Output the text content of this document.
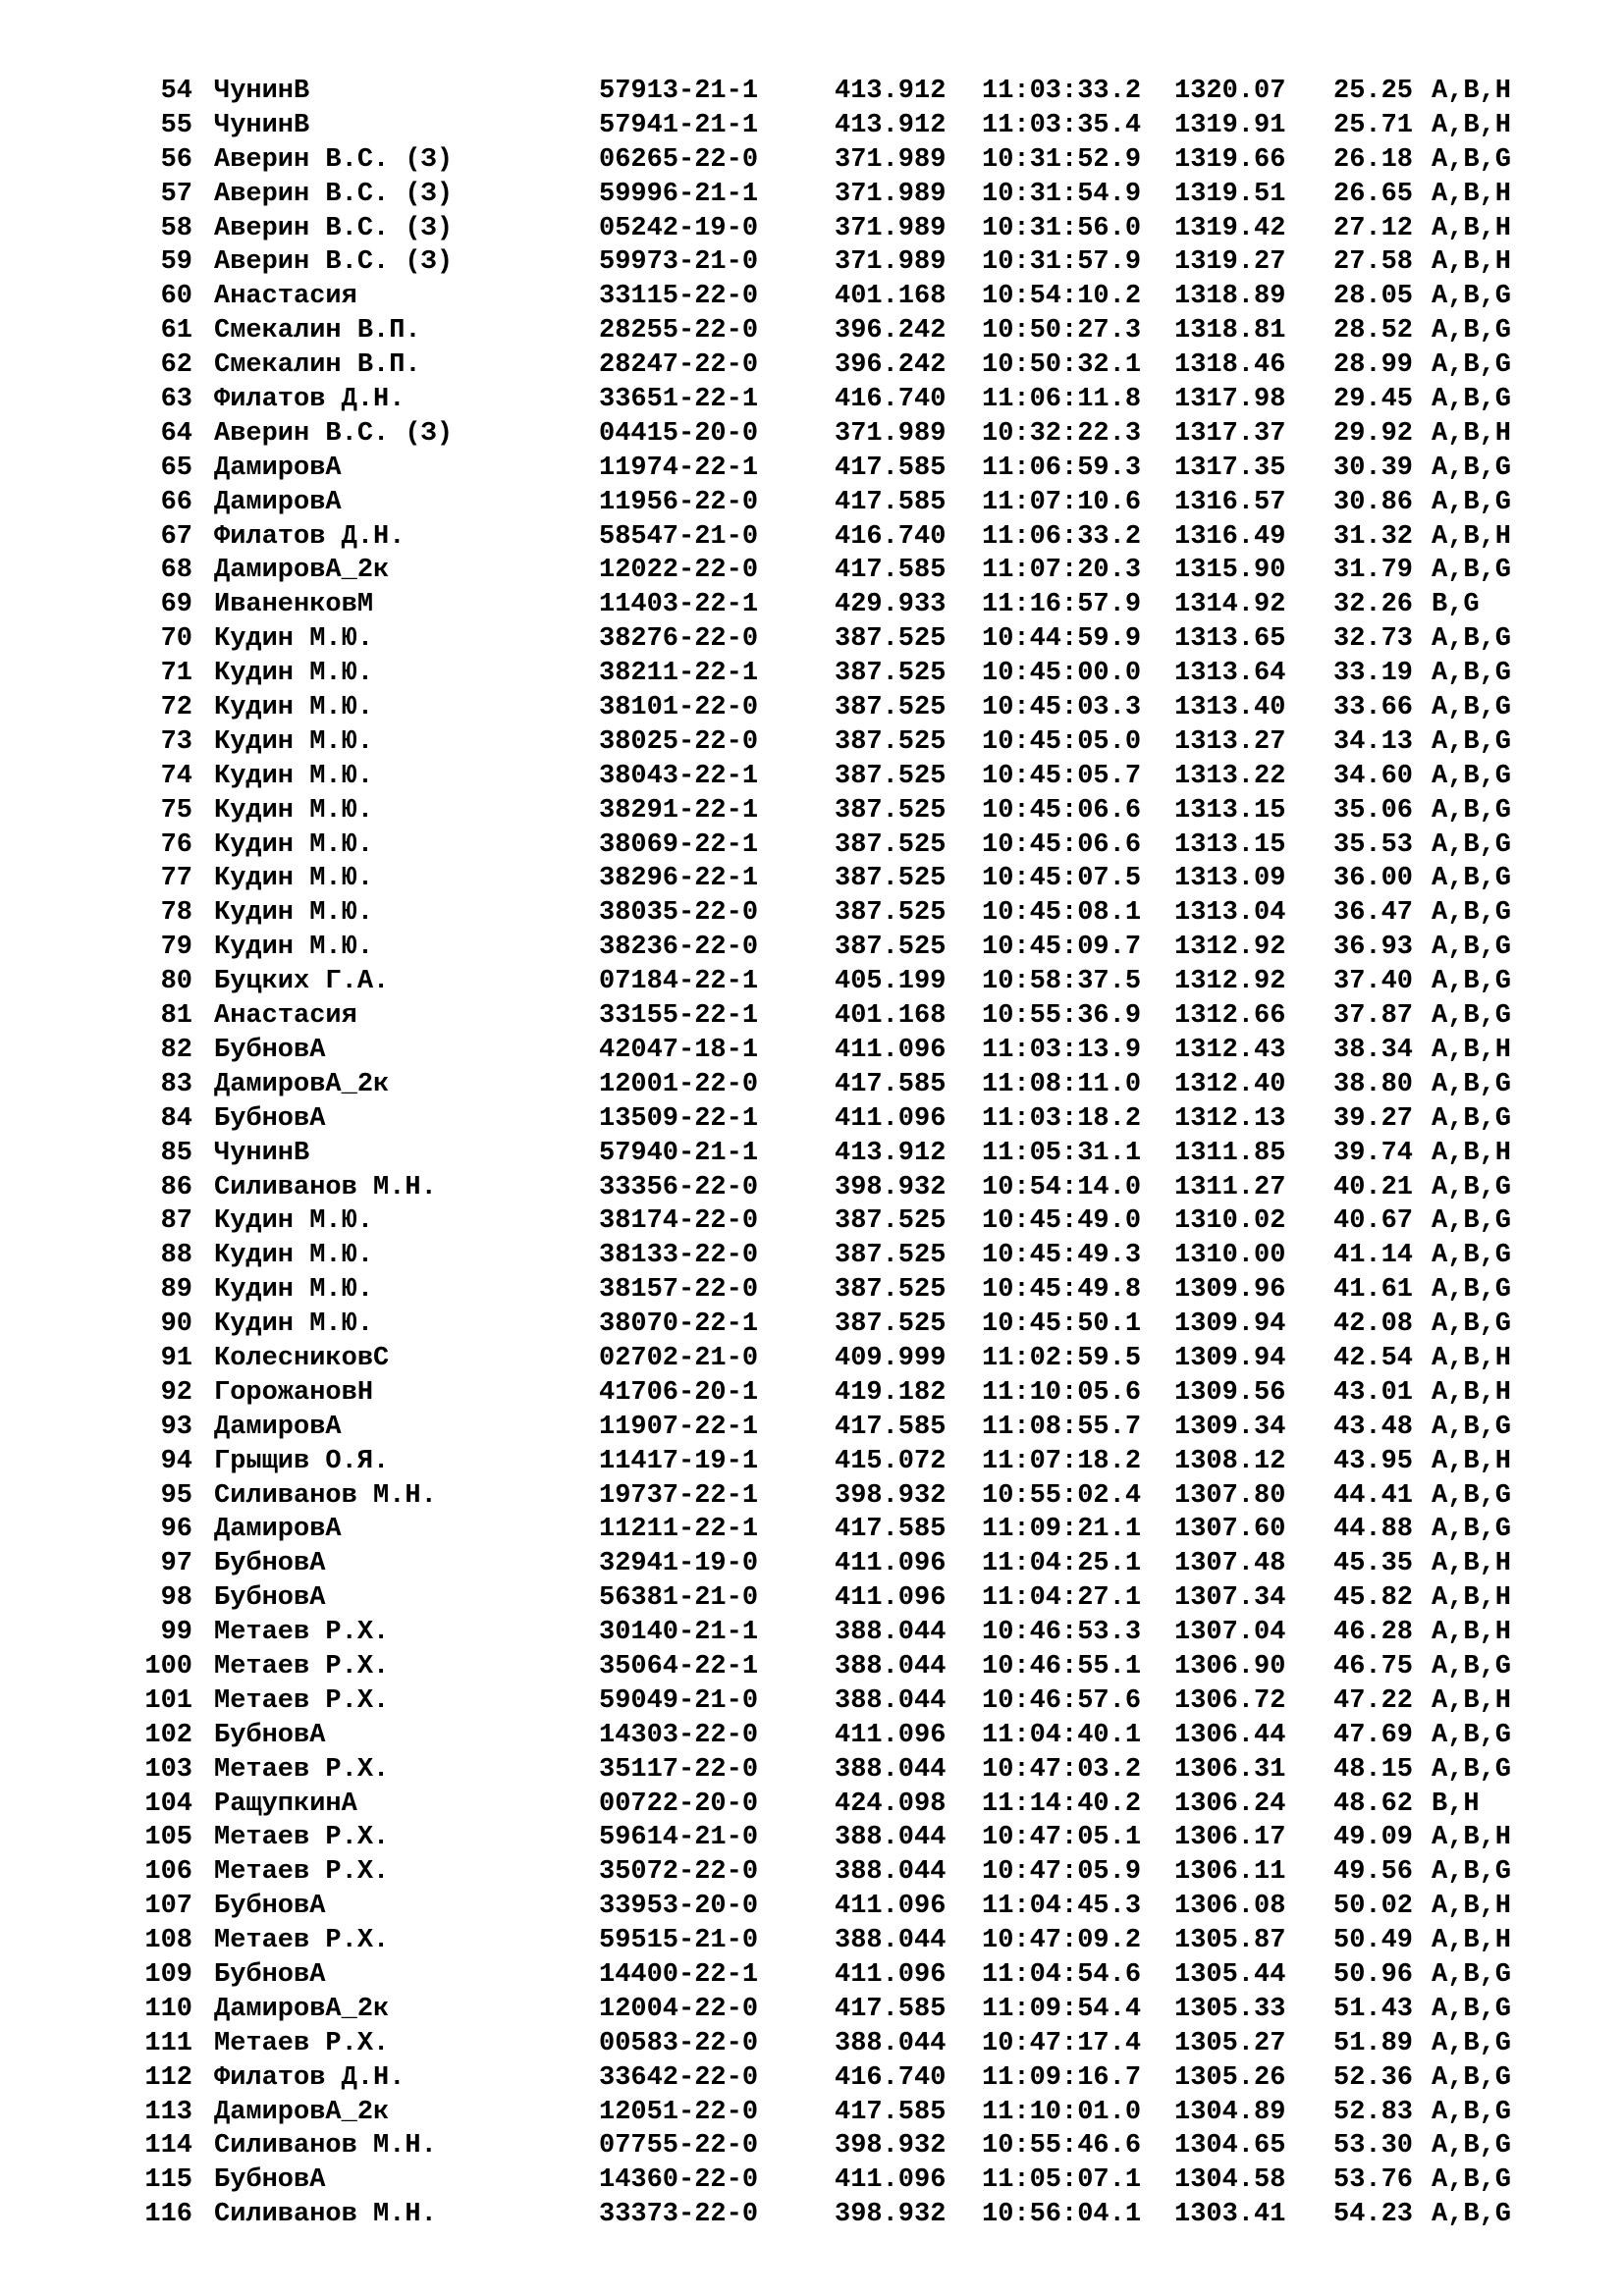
54 ЧунинВ	57913-21-1	413.912 11:03:33.2 1320.07 25.25 A,B,H
55 ЧунинВ	57941-21-1	413.912 11:03:35.4 1319.91 25.71 A,B,H
56 Аверин В.С. (З)	06265-22-0	371.989 10:31:52.9 1319.66 26.18 A,B,G
57 Аверин В.С. (З)	59996-21-1	371.989 10:31:54.9 1319.51 26.65 A,B,H
58 Аверин В.С. (З)	05242-19-0	371.989 10:31:56.0 1319.42 27.12 A,B,H
59 Аверин В.С. (З)	59973-21-0	371.989 10:31:57.9 1319.27 27.58 A,B,H
60 Анастасия	33115-22-0	401.168 10:54:10.2 1318.89 28.05 A,B,G
61 Смекалин В.П.	28255-22-0	396.242 10:50:27.3 1318.81 28.52 A,B,G
62 Смекалин В.П.	28247-22-0	396.242 10:50:32.1 1318.46 28.99 A,B,G
63 Филатов Д.Н.	33651-22-1	416.740 11:06:11.8 1317.98 29.45 A,B,G
64 Аверин В.С. (З)	04415-20-0	371.989 10:32:22.3 1317.37 29.92 A,B,H
65 ДамировА	11974-22-1	417.585 11:06:59.3 1317.35 30.39 A,B,G
66 ДамировА	11956-22-0	417.585 11:07:10.6 1316.57 30.86 A,B,G
67 Филатов Д.Н.	58547-21-0	416.740 11:06:33.2 1316.49 31.32 A,B,H
68 ДамировА_2к	12022-22-0	417.585 11:07:20.3 1315.90 31.79 A,B,G
69 ИваненковМ	11403-22-1	429.933 11:16:57.9 1314.92 32.26 B,G
70 Кудин М.Ю.	38276-22-0	387.525 10:44:59.9 1313.65 32.73 A,B,G
71 Кудин М.Ю.	38211-22-1	387.525 10:45:00.0 1313.64 33.19 A,B,G
72 Кудин М.Ю.	38101-22-0	387.525 10:45:03.3 1313.40 33.66 A,B,G
73 Кудин М.Ю.	38025-22-0	387.525 10:45:05.0 1313.27 34.13 A,B,G
74 Кудин М.Ю.	38043-22-1	387.525 10:45:05.7 1313.22 34.60 A,B,G
75 Кудин М.Ю.	38291-22-1	387.525 10:45:06.6 1313.15 35.06 A,B,G
76 Кудин М.Ю.	38069-22-1	387.525 10:45:06.6 1313.15 35.53 A,B,G
77 Кудин М.Ю.	38296-22-1	387.525 10:45:07.5 1313.09 36.00 A,B,G
78 Кудин М.Ю.	38035-22-0	387.525 10:45:08.1 1313.04 36.47 A,B,G
79 Кудин М.Ю.	38236-22-0	387.525 10:45:09.7 1312.92 36.93 A,B,G
80 Буцких Г.А.	07184-22-1	405.199 10:58:37.5 1312.92 37.40 A,B,G
81 Анастасия	33155-22-1	401.168 10:55:36.9 1312.66 37.87 A,B,G
82 БубновА	42047-18-1	411.096 11:03:13.9 1312.43 38.34 A,B,H
83 ДамировА_2к	12001-22-0	417.585 11:08:11.0 1312.40 38.80 A,B,G
84 БубновА	13509-22-1	411.096 11:03:18.2 1312.13 39.27 A,B,G
85 ЧунинВ	57940-21-1	413.912 11:05:31.1 1311.85 39.74 A,B,H
86 Силиванов М.Н.	33356-22-0	398.932 10:54:14.0 1311.27 40.21 A,B,G
87 Кудин М.Ю.	38174-22-0	387.525 10:45:49.0 1310.02 40.67 A,B,G
88 Кудин М.Ю.	38133-22-0	387.525 10:45:49.3 1310.00 41.14 A,B,G
89 Кудин М.Ю.	38157-22-0	387.525 10:45:49.8 1309.96 41.61 A,B,G
90 Кудин М.Ю.	38070-22-1	387.525 10:45:50.1 1309.94 42.08 A,B,G
91 КолесниковС	02702-21-0	409.999 11:02:59.5 1309.94 42.54 A,B,H
92 ГорожановН	41706-20-1	419.182 11:10:05.6 1309.56 43.01 A,B,H
93 ДамировА	11907-22-1	417.585 11:08:55.7 1309.34 43.48 A,B,G
94 Грыщив О.Я.	11417-19-1	415.072 11:07:18.2 1308.12 43.95 A,B,H
95 Силиванов М.Н.	19737-22-1	398.932 10:55:02.4 1307.80 44.41 A,B,G
96 ДамировА	11211-22-1	417.585 11:09:21.1 1307.60 44.88 A,B,G
97 БубновА	32941-19-0	411.096 11:04:25.1 1307.48 45.35 A,B,H
98 БубновА	56381-21-0	411.096 11:04:27.1 1307.34 45.82 A,B,H
99 Метаев Р.Х.	30140-21-1	388.044 10:46:53.3 1307.04 46.28 A,B,H
100 Метаев Р.Х.	35064-22-1	388.044 10:46:55.1 1306.90 46.75 A,B,G
101 Метаев Р.Х.	59049-21-0	388.044 10:46:57.6 1306.72 47.22 A,B,H
102 БубновА	14303-22-0	411.096 11:04:40.1 1306.44 47.69 A,B,G
103 Метаев Р.Х.	35117-22-0	388.044 10:47:03.2 1306.31 48.15 A,B,G
104 РащупкинА	00722-20-0	424.098 11:14:40.2 1306.24 48.62 B,H
105 Метаев Р.Х.	59614-21-0	388.044 10:47:05.1 1306.17 49.09 A,B,H
106 Метаев Р.Х.	35072-22-0	388.044 10:47:05.9 1306.11 49.56 A,B,G
107 БубновА	33953-20-0	411.096 11:04:45.3 1306.08 50.02 A,B,H
108 Метаев Р.Х.	59515-21-0	388.044 10:47:09.2 1305.87 50.49 A,B,H
109 БубновА	14400-22-1	411.096 11:04:54.6 1305.44 50.96 A,B,G
110 ДамировА_2к	12004-22-0	417.585 11:09:54.4 1305.33 51.43 A,B,G
111 Метаев Р.Х.	00583-22-0	388.044 10:47:17.4 1305.27 51.89 A,B,G
112 Филатов Д.Н.	33642-22-0	416.740 11:09:16.7 1305.26 52.36 A,B,G
113 ДамировА_2к	12051-22-0	417.585 11:10:01.0 1304.89 52.83 A,B,G
114 Силиванов М.Н.	07755-22-0	398.932 10:55:46.6 1304.65 53.30 A,B,G
115 БубновА	14360-22-0	411.096 11:05:07.1 1304.58 53.76 A,B,G
116 Силиванов М.Н.	33373-22-0	398.932 10:56:04.1 1303.41 54.23 A,B,G
